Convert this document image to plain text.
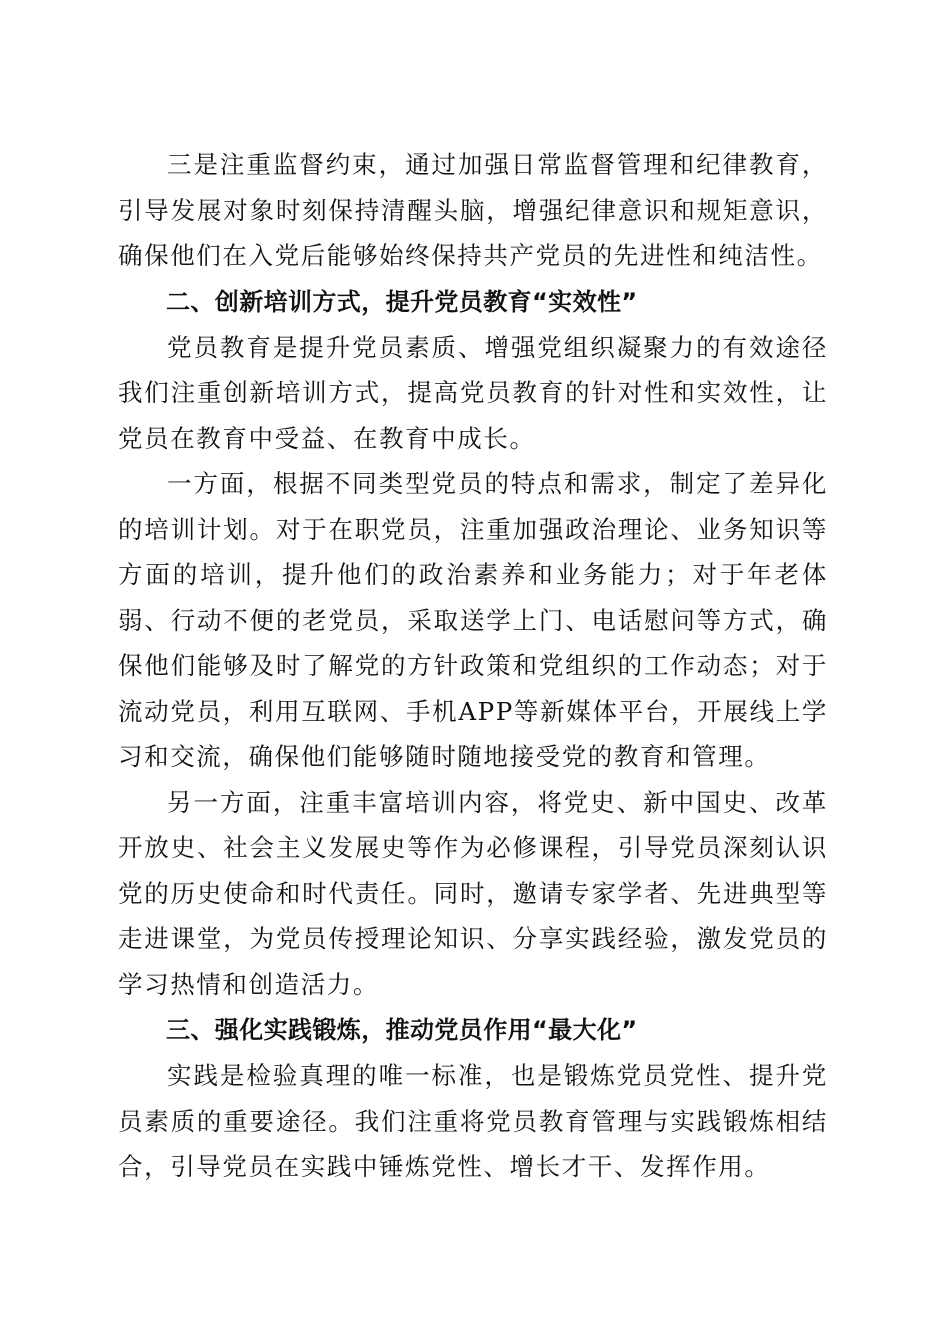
三是注重监督约束，通过加强日常监督管理和纪律教育，引导发展对象时刻保持清醒头脑，增强纪律意识和规矩意识，确保他们在入党后能够始终保持共产党员的先进性和纯洁性。

二、创新培训方式，提升党员教育“实效性”

党员教育是提升党员素质、增强党组织凝聚力的有效途径我们注重创新培训方式，提高党员教育的针对性和实效性，让党员在教育中受益、在教育中成长。

一方面，根据不同类型党员的特点和需求，制定了差异化的培训计划。对于在职党员，注重加强政治理论、业务知识等方面的培训，提升他们的政治素养和业务能力；对于年老体弱、行动不便的老党员，采取送学上门、电话慰问等方式，确保他们能够及时了解党的方针政策和党组织的工作动态；对于流动党员，利用互联网、手机APP等新媒体平台，开展线上学习和交流，确保他们能够随时随地接受党的教育和管理。

另一方面，注重丰富培训内容，将党史、新中国史、改革开放史、社会主义发展史等作为必修课程，引导党员深刻认识党的历史使命和时代责任。同时，邀请专家学者、先进典型等走进课堂，为党员传授理论知识、分享实践经验，激发党员的学习热情和创造活力。

三、强化实践锻炼，推动党员作用“最大化”

实践是检验真理的唯一标准，也是锻炼党员党性、提升党员素质的重要途径。我们注重将党员教育管理与实践锻炼相结合，引导党员在实践中锤炼党性、增长才干、发挥作用。
